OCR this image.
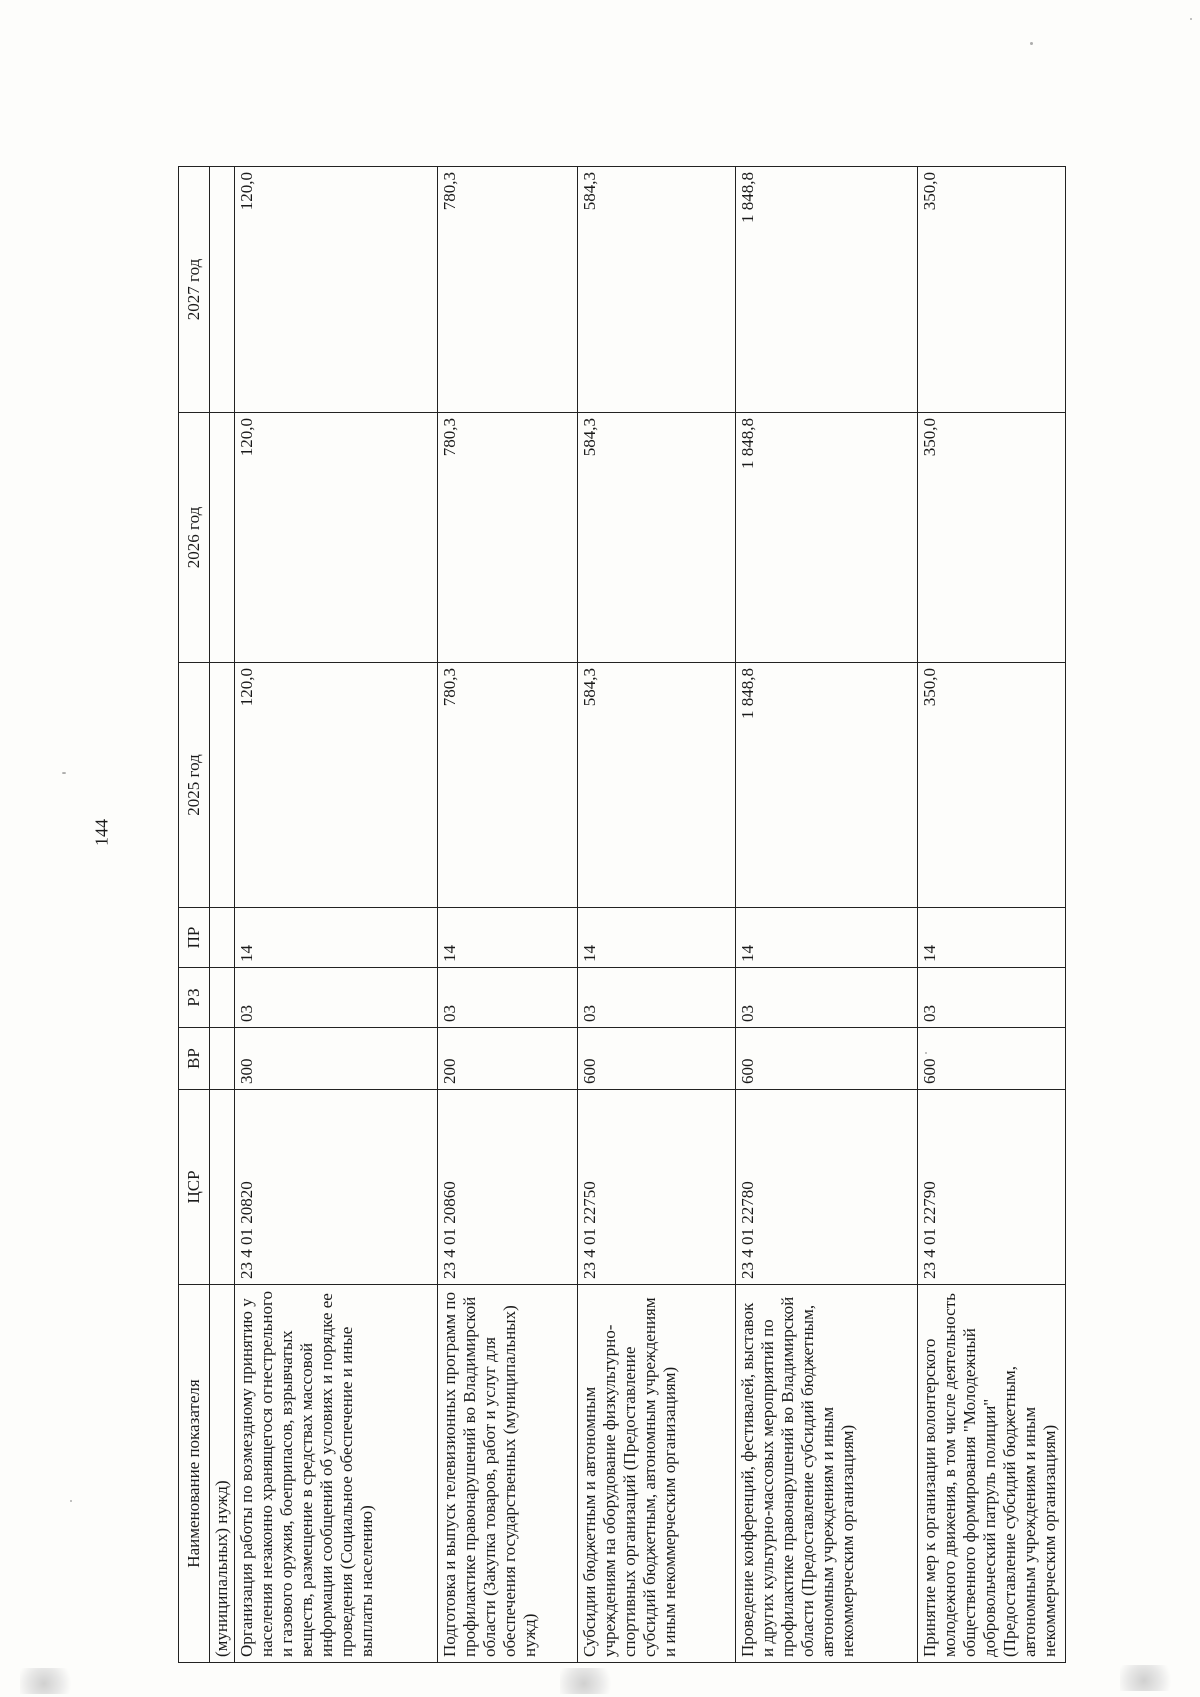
144
Наименование показателя	ЦСР	ВР	РЗ	ПР	2025 год	2026 год	2027 год
(муниципальных) нужд)							
Организация работы по возмездному принятию у населения незаконно хранящегося огнестрельного и газового оружия, боеприпасов, взрывчатых веществ, размещение в средствах массовой информации сообщений об условиях и порядке ее проведения (Социальное обеспечение и иные выплаты населению)	23 4 01 20820	300	03	14	120,0	120,0	120,0
Подготовка и выпуск телевизионных программ по профилактике правонарушений во Владимирской области (Закупка товаров, работ и услуг для обеспечения государственных (муниципальных) нужд)	23 4 01 20860	200	03	14	780,3	780,3	780,3
Субсидии бюджетным и автономным учреждениям на оборудование физкультурно-спортивных организаций (Предоставление субсидий бюджетным, автономным учреждениям и иным некоммерческим организациям)	23 4 01 22750	600	03	14	584,3	584,3	584,3
Проведение конференций, фестивалей, выставок и других культурно-массовых мероприятий по профилактике правонарушений во Владимирской области (Предоставление субсидий бюджетным, автономным учреждениям и иным некоммерческим организациям)	23 4 01 22780	600	03	14	1 848,8	1 848,8	1 848,8
Принятие мер к организации волонтерского молодежного движения, в том числе деятельность общественного формирования "Молодежный добровольческий патруль полиции" (Предоставление субсидий бюджетным, автономным учреждениям и иным некоммерческим организациям)	23 4 01 22790	600	03	14	350,0	350,0	350,0
